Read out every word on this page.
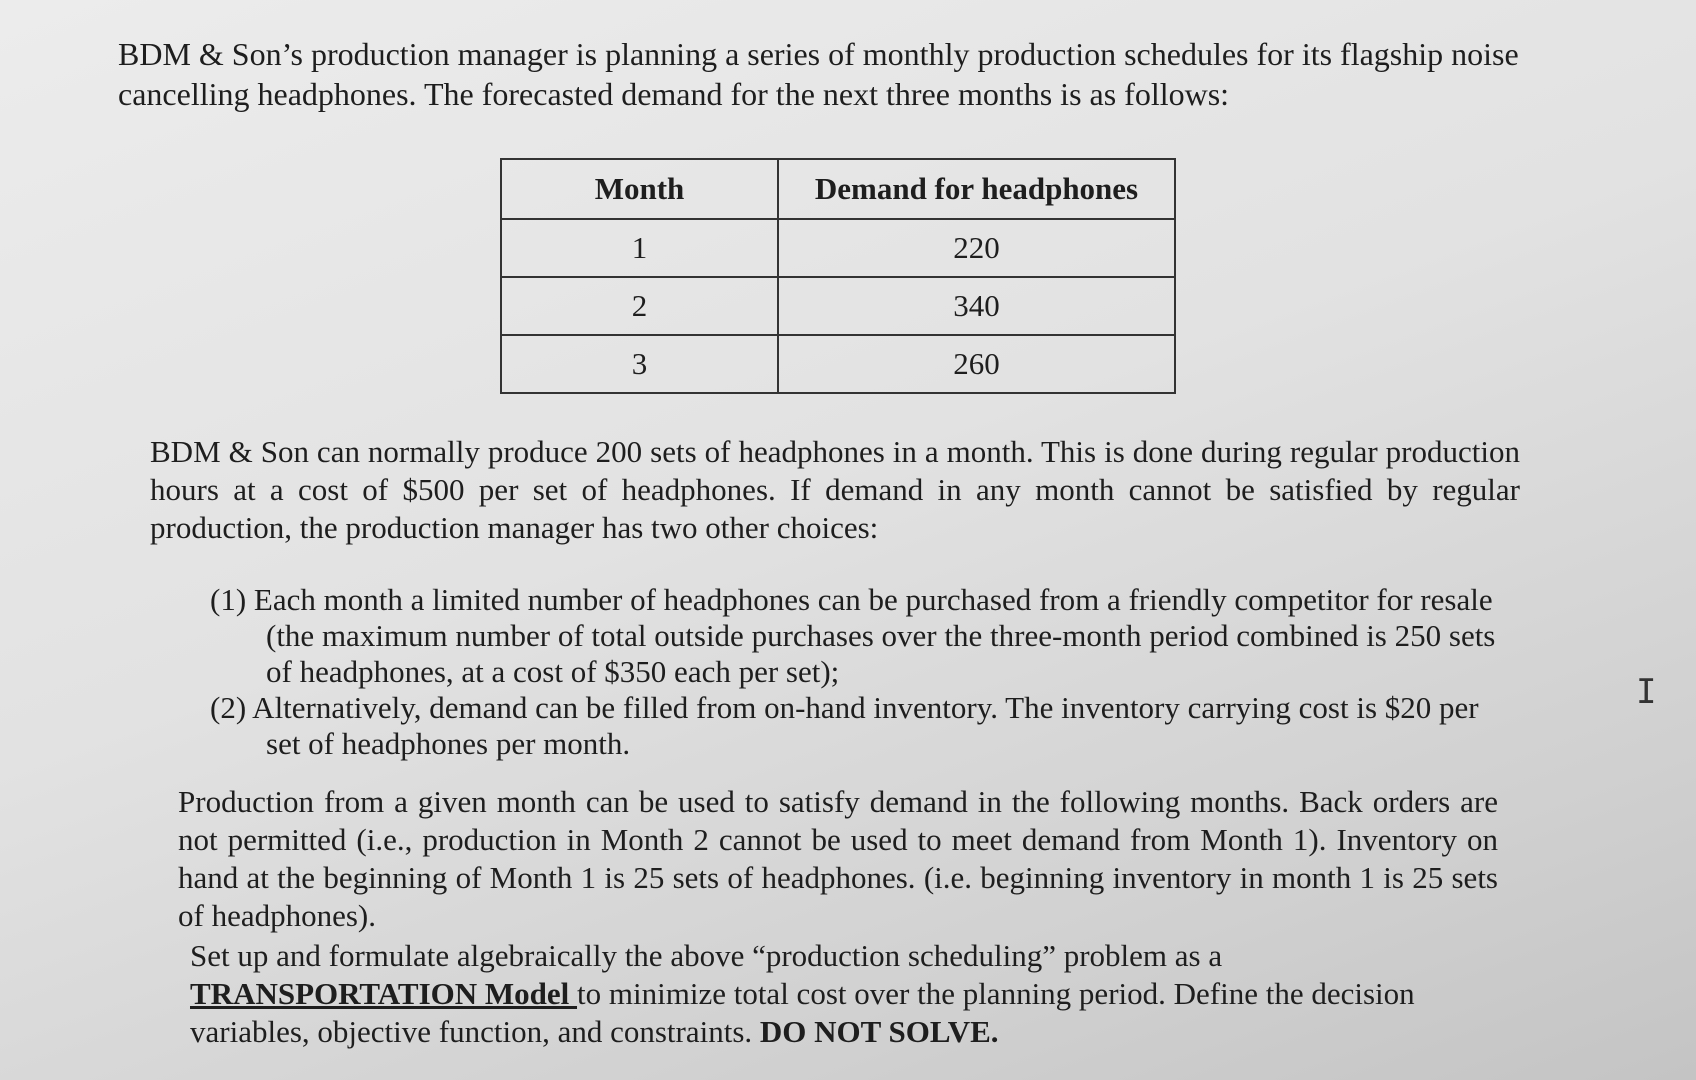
BDM & Son’s production manager is planning a series of monthly production schedules for its flagship noise cancelling headphones. The forecasted demand for the next three months is as follows:
Month	Demand for headphones
1	220
2	340
3	260
BDM & Son can normally produce 200 sets of headphones in a month. This is done during regular production hours at a cost of $500 per set of headphones. If demand in any month cannot be satisfied by regular production, the production manager has two other choices:
(1) Each month a limited number of headphones can be purchased from a friendly competitor for resale (the maximum number of total outside purchases over the three-month period combined is 250 sets of headphones, at a cost of $350 each per set);
(2) Alternatively, demand can be filled from on-hand inventory. The inventory carrying cost is $20 per set of headphones per month.
Production from a given month can be used to satisfy demand in the following months. Back orders are not permitted (i.e., production in Month 2 cannot be used to meet demand from Month 1). Inventory on hand at the beginning of Month 1 is 25 sets of headphones. (i.e. beginning inventory in month 1 is 25 sets of headphones).
Set up and formulate algebraically the above “production scheduling” problem as a TRANSPORTATION Model to minimize total cost over the planning period. Define the decision variables, objective function, and constraints. DO NOT SOLVE.
I
